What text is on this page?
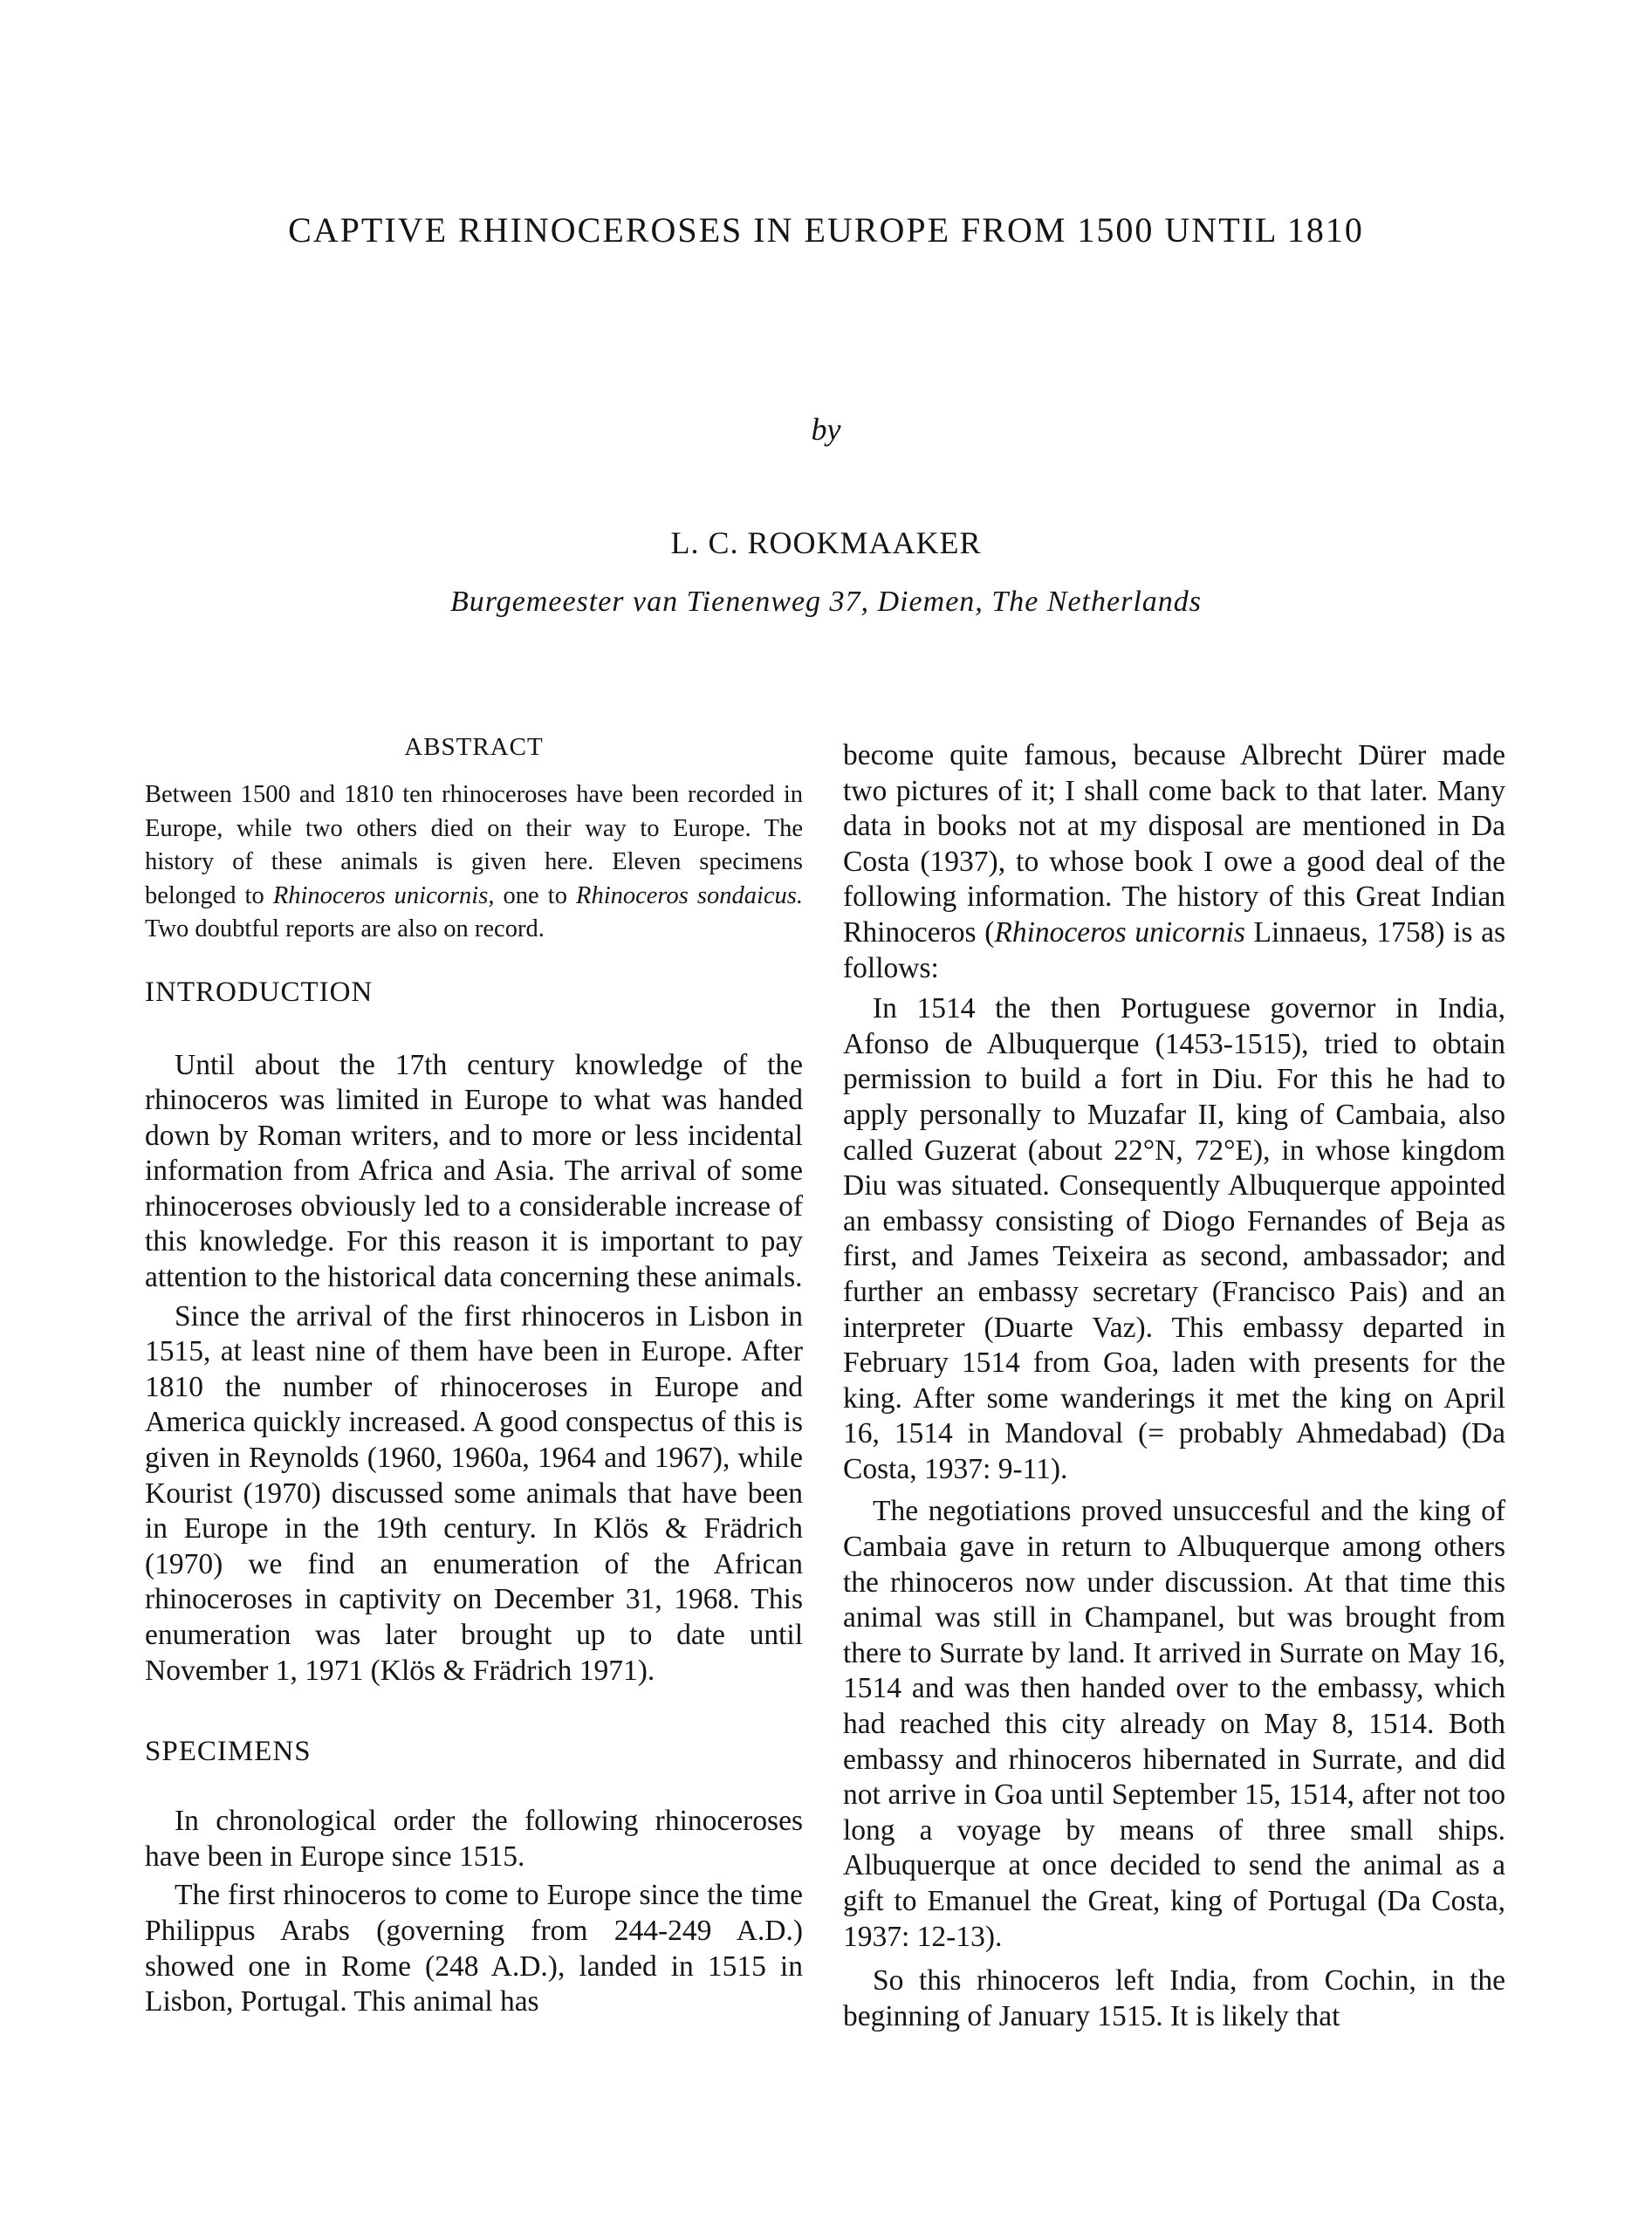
CAPTIVE RHINOCEROSES IN EUROPE FROM 1500 UNTIL 1810
by
L. C. ROOKMAAKER
Burgemeester van Tienenweg 37, Diemen, The Netherlands
ABSTRACT

Between 1500 and 1810 ten rhinoceroses have been recorded in Europe, while two others died on their way to Europe. The history of these animals is given here. Eleven specimens belonged to Rhinoceros unicornis, one to Rhinoceros sondaicus. Two doubtful reports are also on record.

INTRODUCTION

Until about the 17th century knowledge of the rhinoceros was limited in Europe to what was handed down by Roman writers, and to more or less incidental information from Africa and Asia. The arrival of some rhinoceroses obviously led to a considerable increase of this knowledge. For this reason it is important to pay attention to the historical data concerning these animals.

Since the arrival of the first rhinoceros in Lisbon in 1515, at least nine of them have been in Europe. After 1810 the number of rhinoceroses in Europe and America quickly increased. A good conspectus of this is given in Reynolds (1960, 1960a, 1964 and 1967), while Kourist (1970) discussed some animals that have been in Europe in the 19th century. In Klös & Frädrich (1970) we find an enumeration of the African rhinoceroses in captivity on December 31, 1968. This enumeration was later brought up to date until November 1, 1971 (Klös & Frädrich 1971).

SPECIMENS

In chronological order the following rhinoceroses have been in Europe since 1515.

The first rhinoceros to come to Europe since the time Philippus Arabs (governing from 244-249 A.D.) showed one in Rome (248 A.D.), landed in 1515 in Lisbon, Portugal. This animal has

become quite famous, because Albrecht Dürer made two pictures of it; I shall come back to that later. Many data in books not at my disposal are mentioned in Da Costa (1937), to whose book I owe a good deal of the following information. The history of this Great Indian Rhinoceros (Rhinoceros unicornis Linnaeus, 1758) is as follows:

In 1514 the then Portuguese governor in India, Afonso de Albuquerque (1453-1515), tried to obtain permission to build a fort in Diu. For this he had to apply personally to Muzafar II, king of Cambaia, also called Guzerat (about 22°N, 72°E), in whose kingdom Diu was situated. Consequently Albuquerque appointed an embassy consisting of Diogo Fernandes of Beja as first, and James Teixeira as second, ambassador; and further an embassy secretary (Francisco Pais) and an interpreter (Duarte Vaz). This embassy departed in February 1514 from Goa, laden with presents for the king. After some wanderings it met the king on April 16, 1514 in Mandoval (= probably Ahmedabad) (Da Costa, 1937: 9-11).

The negotiations proved unsuccesful and the king of Cambaia gave in return to Albuquerque among others the rhinoceros now under discussion. At that time this animal was still in Champanel, but was brought from there to Surrate by land. It arrived in Surrate on May 16, 1514 and was then handed over to the embassy, which had reached this city already on May 8, 1514. Both embassy and rhinoceros hibernated in Surrate, and did not arrive in Goa until September 15, 1514, after not too long a voyage by means of three small ships. Albuquerque at once decided to send the animal as a gift to Emanuel the Great, king of Portugal (Da Costa, 1937: 12-13).

So this rhinoceros left India, from Cochin, in the beginning of January 1515. It is likely that
